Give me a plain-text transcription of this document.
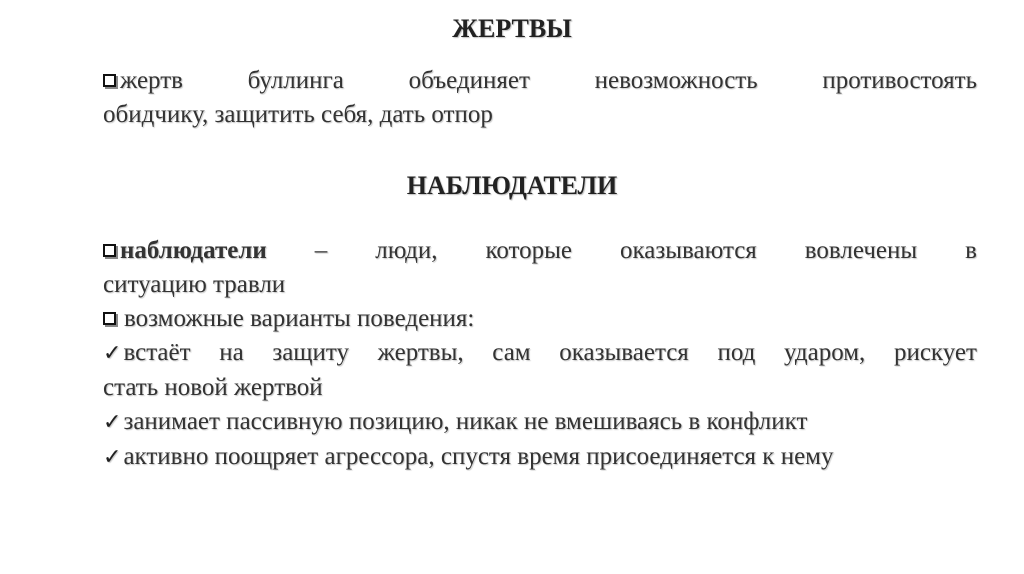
ЖЕРТВЫ
жертв	буллинга	объединяет	невозможность	противостоять
обидчику, защитить себя, дать отпор
НАБЛЮДАТЕЛИ
наблюдатели – люди, которые оказываются вовлечены в
ситуацию травли
возможные варианты поведения:
✓встаёт на защиту жертвы, сам оказывается под ударом, рискует
стать новой жертвой
✓занимает пассивную позицию, никак не вмешиваясь в конфликт
✓активно поощряет агрессора, спустя время присоединяется к нему
